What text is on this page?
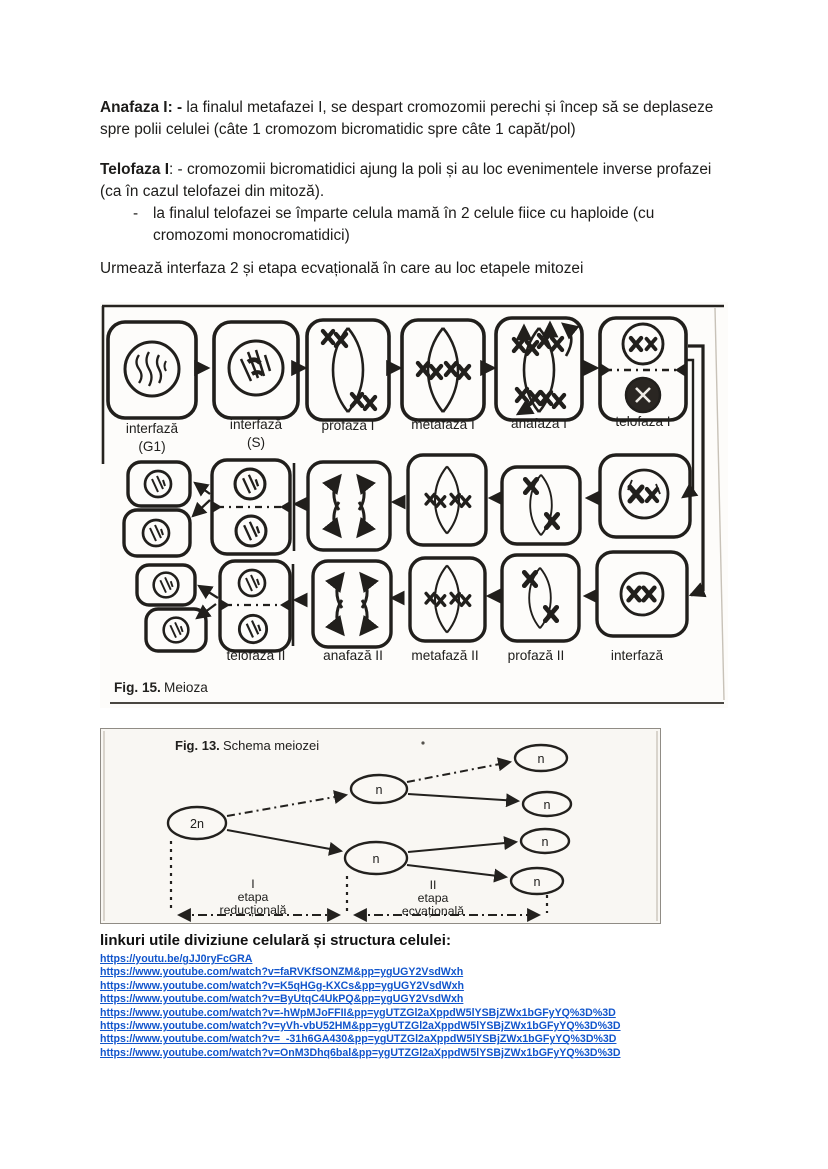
Anafaza I: - la finalul metafazei I, se despart cromozomii perechi și încep să se deplaseze spre polii celulei (câte 1 cromozom bicromatidic spre câte 1 capăt/pol)
Telofaza I: - cromozomii bicromatidici ajung la poli și au loc evenimentele inverse profazei (ca în cazul telofazei din mitoză).
- la finalul telofazei se împarte celula mamă în 2 celule fiice cu haploide (cu cromozomi monocromatidici)
Urmează interfaza 2 și etapa ecvațională în care au loc etapele mitozei
interfază
(G1)
interfază
(S)
profaza I	metafaza I	anafaza I	telofaza I
telofază II	anafază II metafază II profază II	interfază
Fig. 15. Meioza
Fig. 13. Schema meiozei
2n
n
n
n
n
n
n
I
etapa
reducțională
II
etapa
ecvațională
linkuri utile diviziune celulară și structura celulei:
https://youtu.be/gJJ0ryFcGRA
https://www.youtube.com/watch?v=faRVKfSONZM&pp=ygUGY2VsdWxh
https://www.youtube.com/watch?v=K5qHGg-KXCs&pp=ygUGY2VsdWxh
https://www.youtube.com/watch?v=ByUtqC4UkPQ&pp=ygUGY2VsdWxh
https://www.youtube.com/watch?v=-hWpMJoFFII&pp=ygUTZGl2aXppdW5lYSBjZWx1bGFyYQ%3D%3D
https://www.youtube.com/watch?v=yVh-vbU52HM&pp=ygUTZGl2aXppdW5lYSBjZWx1bGFyYQ%3D%3D
https://www.youtube.com/watch?v=_-31h6GA430&pp=ygUTZGl2aXppdW5lYSBjZWx1bGFyYQ%3D%3D
https://www.youtube.com/watch?v=OnM3Dhq6bal&pp=ygUTZGl2aXppdW5lYSBjZWx1bGFyYQ%3D%3D
